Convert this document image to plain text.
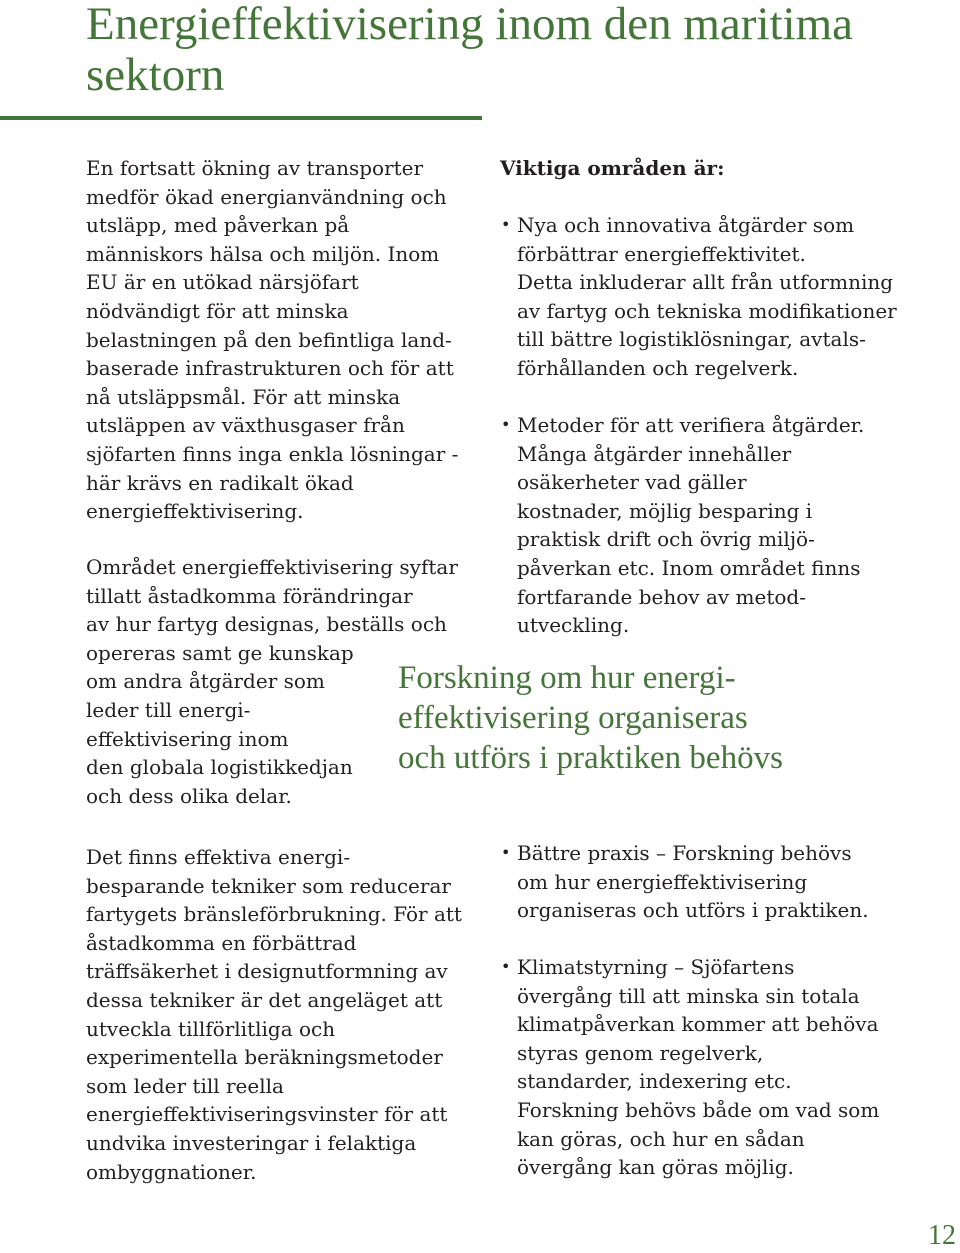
Energieffektivisering inom den maritima
sektorn
En fortsatt ökning av transporter
medför ökad energianvändning och
utsläpp, med påverkan på
människors hälsa och miljön. Inom
EU är en utökad närsjöfart
nödvändigt för att minska
belastningen på den befintliga land-
baserade infrastrukturen och för att
nå utsläppsmål. För att minska
utsläppen av växthusgaser från
sjöfarten finns inga enkla lösningar -
här krävs en radikalt ökad
energieffektivisering.
Området energieffektivisering syftar
tillatt åstadkomma förändringar
av hur fartyg designas, beställs och
opereras samt ge kunskap
om andra åtgärder som
leder till energi-
effektivisering inom
den globala logistikkedjan
och dess olika delar.
Det finns effektiva energi-
besparande tekniker som reducerar
fartygets bränsleförbrukning. För att
åstadkomma en förbättrad
träffsäkerhet i designutformning av
dessa tekniker är det angeläget att
utveckla tillförlitliga och
experimentella beräkningsmetoder
som leder till reella
energieffektiviseringsvinster för att
undvika investeringar i felaktiga
ombyggnationer.
Viktiga områden är:
• Nya och innovativa åtgärder som
förbättrar energieffektivitet.
Detta inkluderar allt från utformning
av fartyg och tekniska modifikationer
till bättre logistiklösningar, avtals-
förhållanden och regelverk.
• Metoder för att verifiera åtgärder.
Många åtgärder innehåller
osäkerheter vad gäller
kostnader, möjlig besparing i
praktisk drift och övrig miljö-
påverkan etc. Inom området finns
fortfarande behov av metod-
utveckling.
Forskning om hur energi-
effektivisering organiseras
och utförs i praktiken behövs
• Bättre praxis – Forskning behövs
om hur energieffektivisering
organiseras och utförs i praktiken.
• Klimatstyrning – Sjöfartens
övergång till att minska sin totala
klimatpåverkan kommer att behöva
styras genom regelverk,
standarder, indexering etc.
Forskning behövs både om vad som
kan göras, och hur en sådan
övergång kan göras möjlig.
12
